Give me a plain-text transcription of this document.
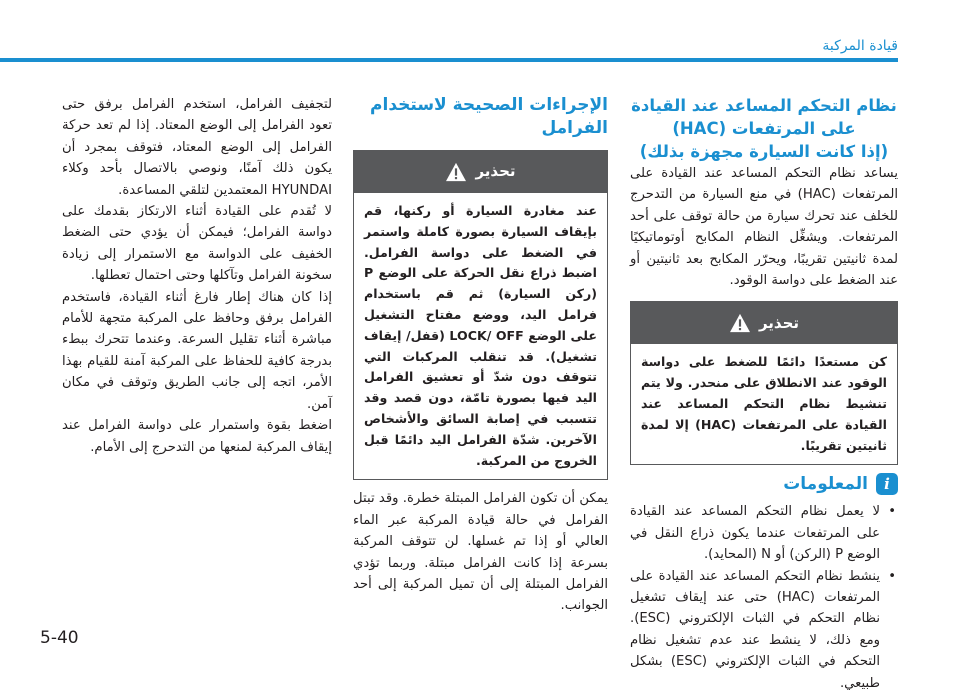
قيادة المركبة

نظام التحكم المساعد عند القيادة

على المرتفعات (HAC)

(إذا كانت السيارة مجهزة بذلك)

يساعد نظام التحكم المساعد عند القيادة على المرتفعات (HAC) في منع السيارة من التدحرج للخلف عند تحرك سيارة من حالة توقف على أحد المرتفعات. ويشغِّل النظام المكابح أوتوماتيكيًا لمدة ثانيتين تقريبًا، ويحرّر المكابح بعد ثانيتين أو عند الضغط على دواسة الوقود.

تحذير
كن مستعدًا دائمًا للضغط على دواسة الوقود عند الانطلاق على منحدر. ولا يتم تنشيط نظام التحكم المساعد عند القيادة على المرتفعات (HAC) إلا لمدة ثانيتين تقريبًا.
i
المعلومات
• لا يعمل نظام التحكم المساعد عند القيادة على المرتفعات عندما يكون ذراع النقل في الوضع P (الركن) أو N (المحايد).
• ينشط نظام التحكم المساعد عند القيادة على المرتفعات (HAC) حتى عند إيقاف تشغيل نظام التحكم في الثبات الإلكتروني (ESC). ومع ذلك، لا ينشط عند عدم تشغيل نظام التحكم في الثبات الإلكتروني (ESC) بشكل طبيعي.

الإجراءات الصحيحة لاستخدام الفرامل

تحذير
عند مغادرة السيارة أو ركنها، قم بإيقاف السيارة بصورة كاملة واستمر في الضغط على دواسة الفرامل. اضبط ذراع نقل الحركة على الوضع P (ركن السيارة) ثم قم باستخدام فرامل اليد، ووضع مفتاح التشغيل على الوضع LOCK/ OFF (قفل/ إيقاف تشغيل). قد تنقلب المركبات التي تتوقف دون شدّ أو تعشيق الفرامل اليد فيها بصورة تامّة، دون قصد وقد تتسبب في إصابة السائق والأشخاص الآخرين. شدّة الفرامل اليد دائمًا قبل الخروج من المركبة.

يمكن أن تكون الفرامل المبتلة خطرة. وقد تبتل الفرامل في حالة قيادة المركبة عبر الماء العالي أو إذا تم غسلها. لن تتوقف المركبة بسرعة إذا كانت الفرامل مبتلة. وربما تؤدي الفرامل المبتلة إلى أن تميل المركبة إلى أحد الجوانب.

لتجفيف الفرامل، استخدم الفرامل برفق حتى تعود الفرامل إلى الوضع المعتاد. إذا لم تعد حركة الفرامل إلى الوضع المعتاد، فتوقف بمجرد أن يكون ذلك آمنًا، ونوصي بالاتصال بأحد وكلاء HYUNDAI المعتمدين لتلقي المساعدة.

لا تُقدم على القيادة أثناء الارتكاز بقدمك على دواسة الفرامل؛ فيمكن أن يؤدي حتى الضغط الخفيف على الدواسة مع الاستمرار إلى زيادة سخونة الفرامل وتآكلها وحتى احتمال تعطلها.

إذا كان هناك إطار فارغ أثناء القيادة، فاستخدم الفرامل برفق وحافظ على المركبة متجهة للأمام مباشرة أثناء تقليل السرعة. وعندما تتحرك ببطء بدرجة كافية للحفاظ على المركبة آمنة للقيام بهذا الأمر، اتجه إلى جانب الطريق وتوقف في مكان آمن.

اضغط بقوة واستمرار على دواسة الفرامل عند إيقاف المركبة لمنعها من التدحرج إلى الأمام.

5-40
